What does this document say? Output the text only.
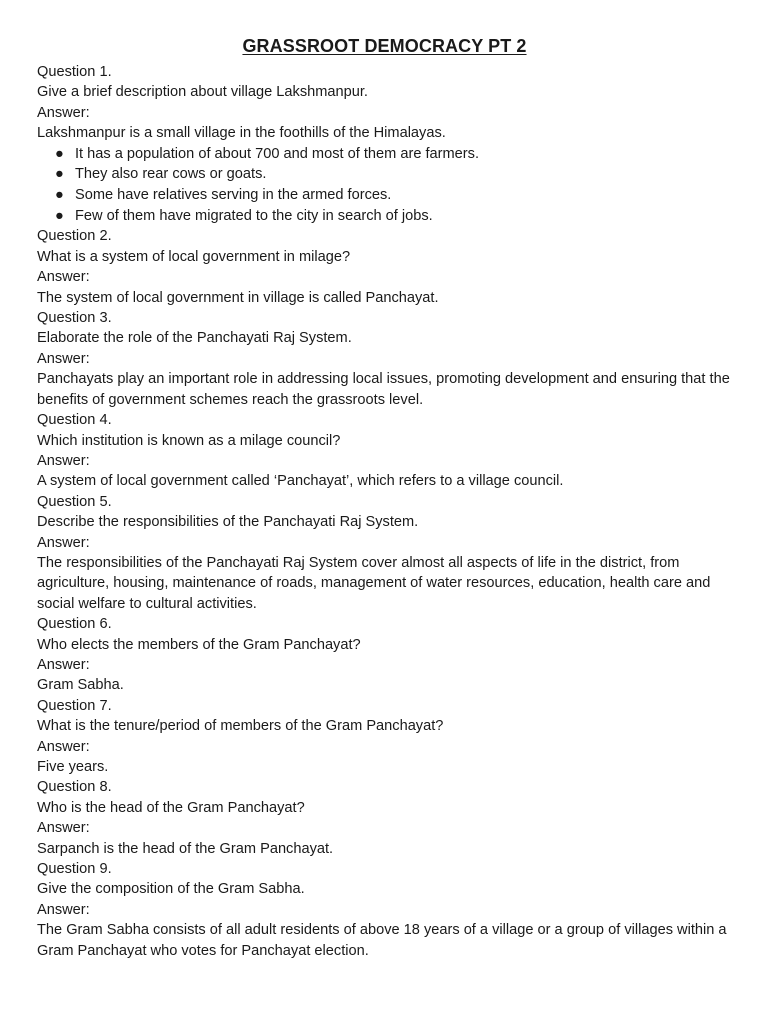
GRASSROOT DEMOCRACY PT 2

Question 1.

Give a brief description about village Lakshmanpur.

Answer:

Lakshmanpur is a small village in the foothills of the Himalayas.

● It has a population of about 700 and most of them are farmers.
● They also rear cows or goats.
● Some have relatives serving in the armed forces.
● Few of them have migrated to the city in search of jobs.

Question 2.

What is a system of local government in milage?

Answer:

The system of local government in village is called Panchayat.

Question 3.

Elaborate the role of the Panchayati Raj System.

Answer:

Panchayats play an important role in addressing local issues, promoting development and ensuring that the benefits of government schemes reach the grassroots level.

Question 4.

Which institution is known as a milage council?

Answer:

A system of local government called ‘Panchayat’, which refers to a village council.

Question 5.

Describe the responsibilities of the Panchayati Raj System.

Answer:

The responsibilities of the Panchayati Raj System cover almost all aspects of life in the district, from agriculture, housing, maintenance of roads, management of water resources, education, health care and social welfare to cultural activities.

Question 6.

Who elects the members of the Gram Panchayat?

Answer:

Gram Sabha.

Question 7.

What is the tenure/period of members of the Gram Panchayat?

Answer:

Five years.

Question 8.

Who is the head of the Gram Panchayat?

Answer:

Sarpanch is the head of the Gram Panchayat.

Question 9.

Give the composition of the Gram Sabha.

Answer:

The Gram Sabha consists of all adult residents of above 18 years of a village or a group of villages within a Gram Panchayat who votes for Panchayat election.
